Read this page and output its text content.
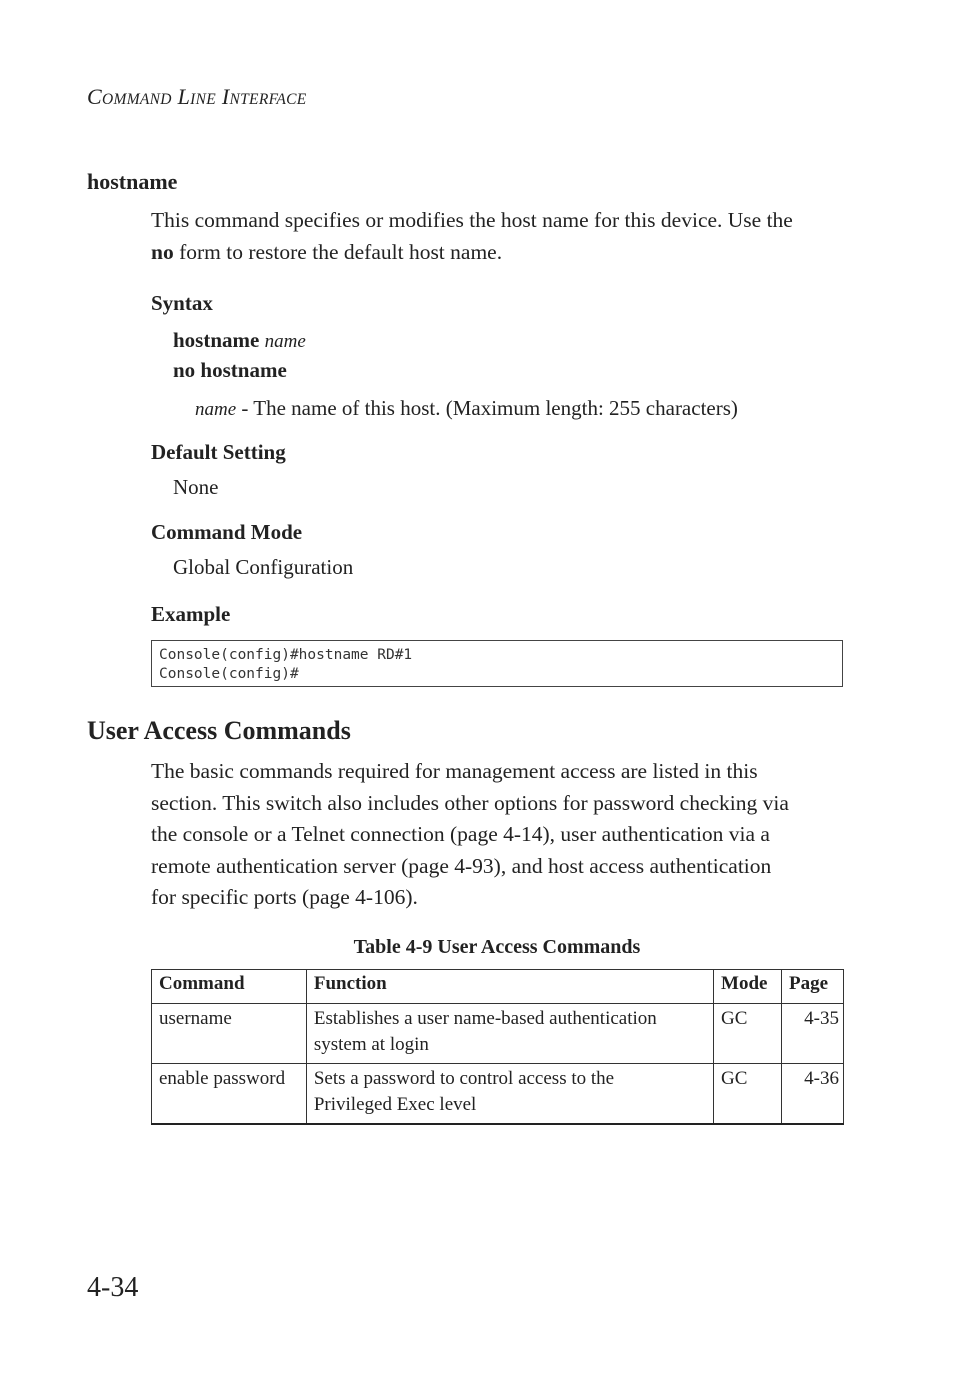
COMMAND LINE INTERFACE
hostname
This command specifies or modifies the host name for this device. Use the
no form to restore the default host name.
Syntax
hostname name
no hostname
name - The name of this host. (Maximum length: 255 characters)
Default Setting
None
Command Mode
Global Configuration
Example
Console(config)#hostname RD#1
Console(config)#
User Access Commands
The basic commands required for management access are listed in this
section. This switch also includes other options for password checking via
the console or a Telnet connection (page 4-14), user authentication via a
remote authentication server (page 4-93), and host access authentication
for specific ports (page 4-106).
Table 4-9 User Access Commands
Command	Function	Mode	Page
username	Establishes a user name-based authentication
system at login	GC	4-35
enable password	Sets a password to control access to the
Privileged Exec level	GC	4-36
4-34
